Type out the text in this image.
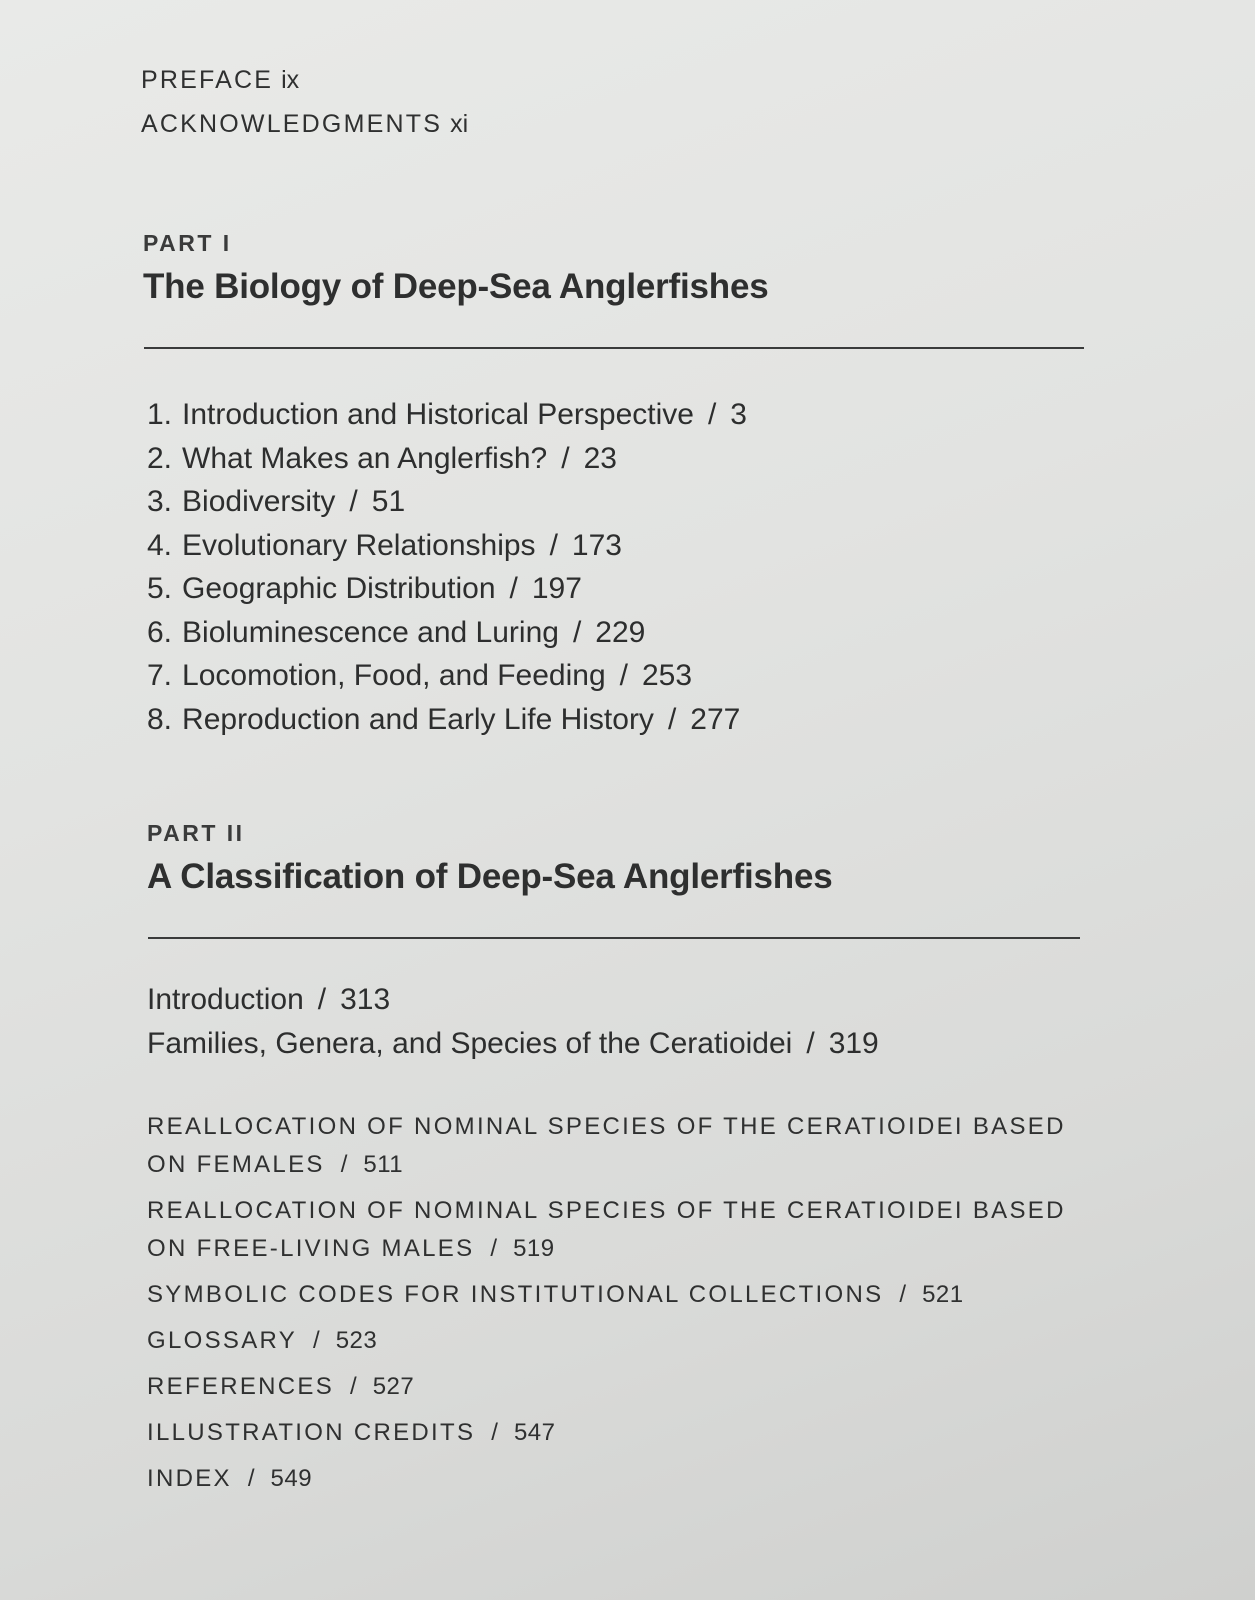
PREFACE ix
ACKNOWLEDGMENTS xi
PART I
The Biology of Deep-Sea Anglerfishes
1. Introduction and Historical Perspective / 3
2. What Makes an Anglerfish? / 23
3. Biodiversity / 51
4. Evolutionary Relationships / 173
5. Geographic Distribution / 197
6. Bioluminescence and Luring / 229
7. Locomotion, Food, and Feeding / 253
8. Reproduction and Early Life History / 277
PART II
A Classification of Deep-Sea Anglerfishes
Introduction / 313
Families, Genera, and Species of the Ceratioidei / 319
REALLOCATION OF NOMINAL SPECIES OF THE CERATIOIDEI BASED ON FEMALES / 511
REALLOCATION OF NOMINAL SPECIES OF THE CERATIOIDEI BASED ON FREE-LIVING MALES / 519
SYMBOLIC CODES FOR INSTITUTIONAL COLLECTIONS / 521
GLOSSARY / 523
REFERENCES / 527
ILLUSTRATION CREDITS / 547
INDEX / 549
